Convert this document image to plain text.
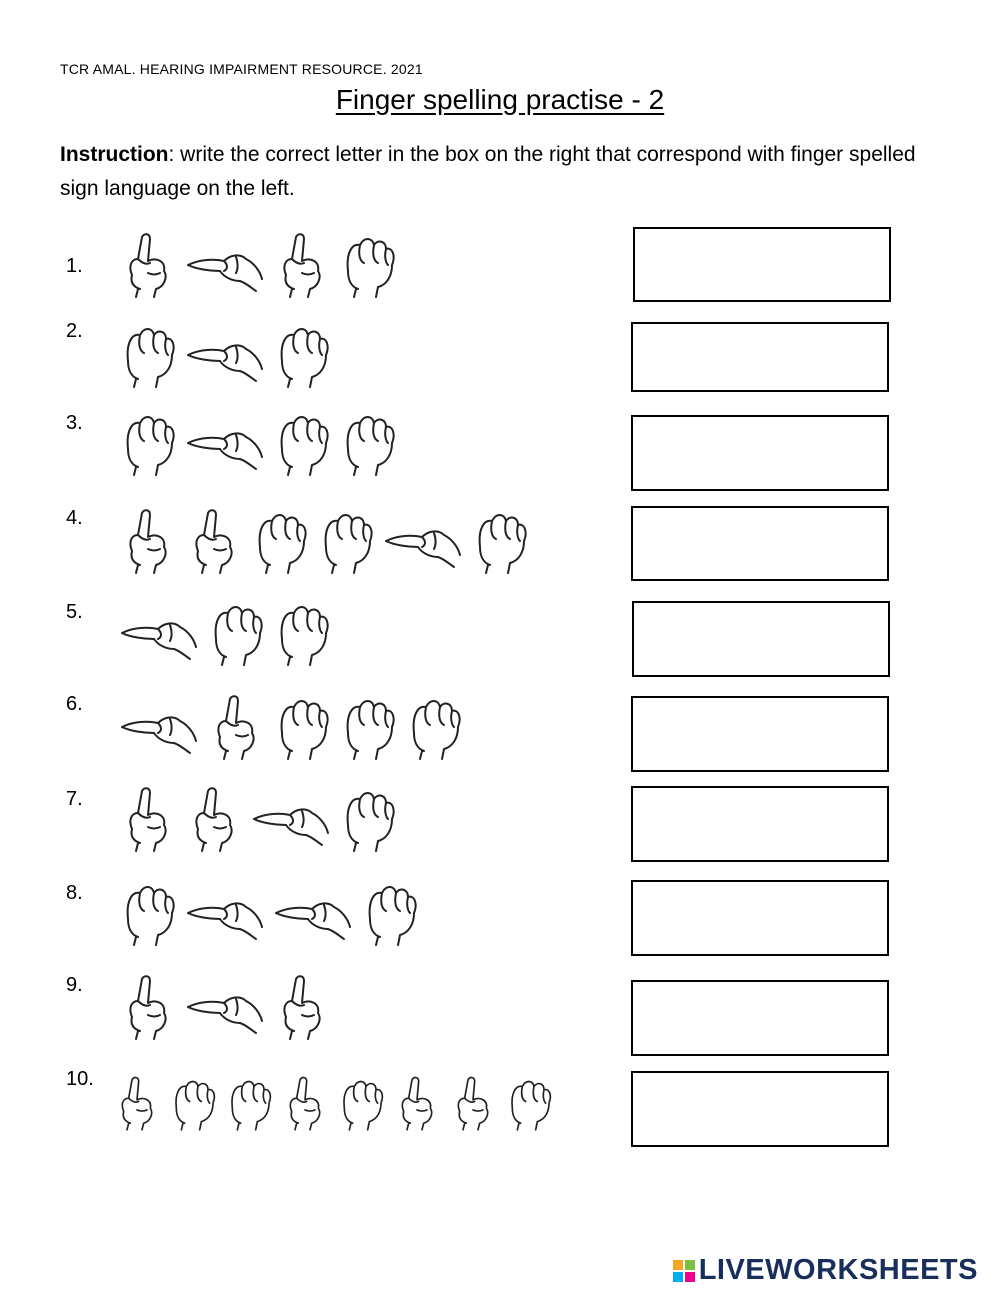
TCR AMAL. HEARING IMPAIRMENT RESOURCE. 2021
Finger spelling practise - 2
Instruction: write the correct letter in the box on the right that correspond with finger spelled sign language on the left.
1.
2.
3.
4.
5.
6.
7.
8.
9.
10.
LIVEWORKSHEETS
